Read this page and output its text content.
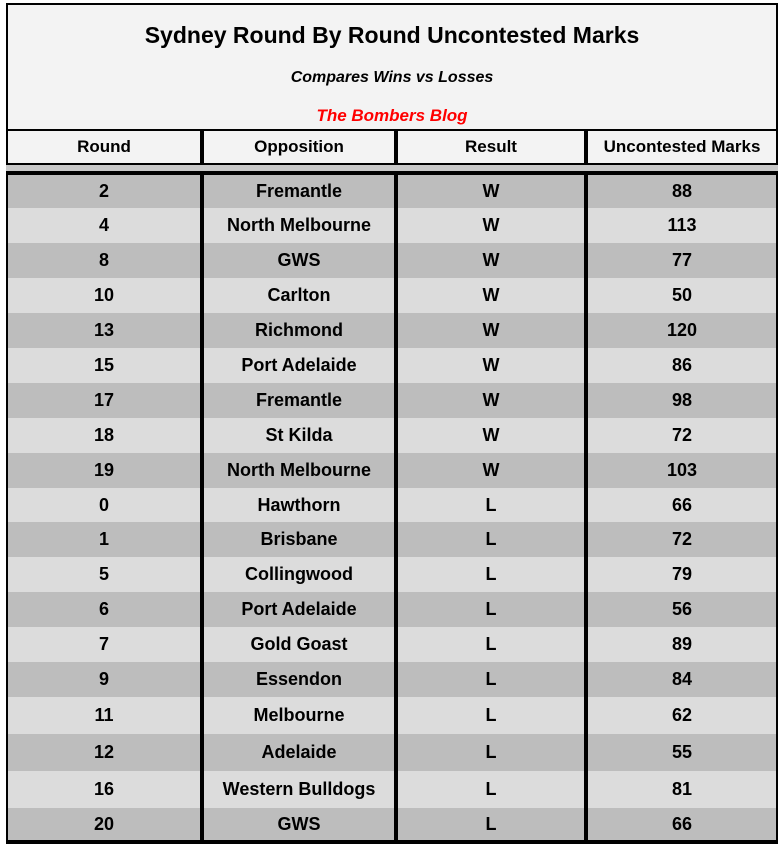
Sydney Round By Round Uncontested Marks
Compares Wins vs Losses
The Bombers Blog
Round	Opposition	Result	Uncontested Marks
2	Fremantle	W	88
4	North Melbourne	W	113
8	GWS	W	77
10	Carlton	W	50
13	Richmond	W	120
15	Port Adelaide	W	86
17	Fremantle	W	98
18	St Kilda	W	72
19	North Melbourne	W	103
0	Hawthorn	L	66
1	Brisbane	L	72
5	Collingwood	L	79
6	Port Adelaide	L	56
7	Gold Goast	L	89
9	Essendon	L	84
11	Melbourne	L	62
12	Adelaide	L	55
16	Western Bulldogs	L	81
20	GWS	L	66
